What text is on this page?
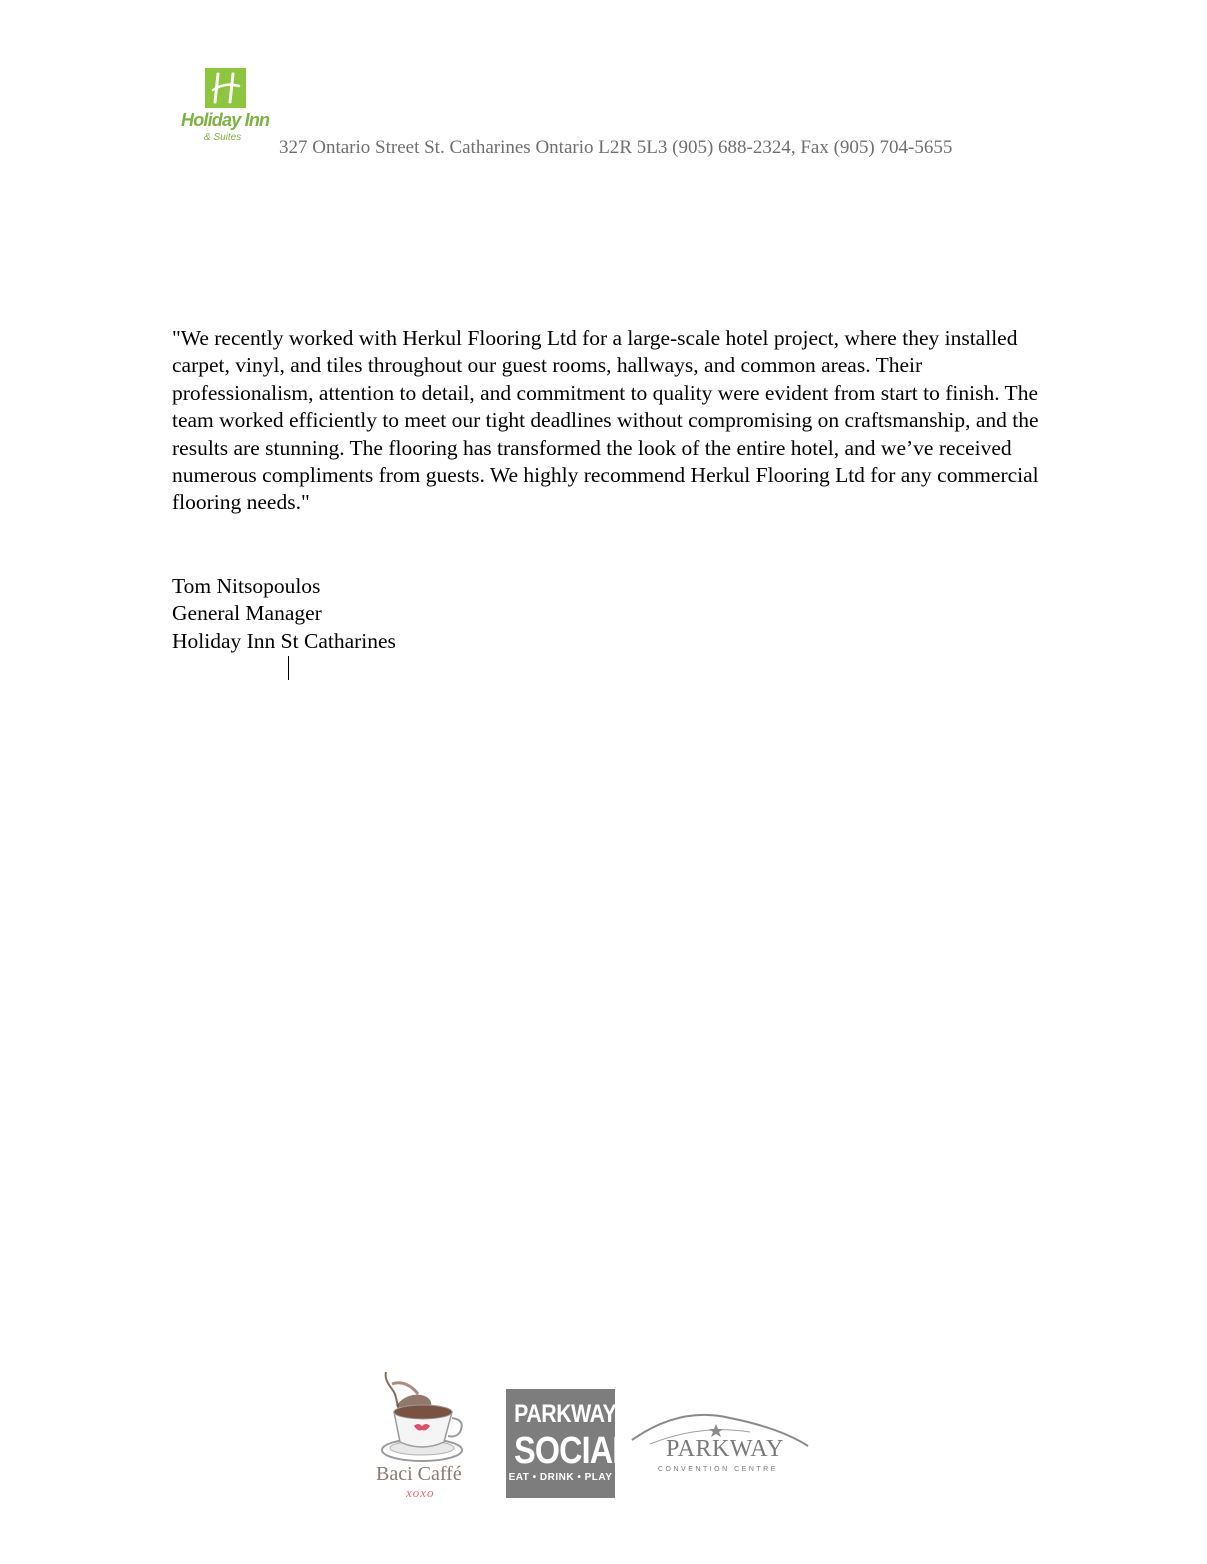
Holiday Inn
& Suites 327 Ontario Street St. Catharines Ontario L2R 5L3 (905) 688-2324, Fax (905) 704-5655

"We recently worked with Herkul Flooring Ltd for a large-scale hotel project, where they installed carpet, vinyl, and tiles throughout our guest rooms, hallways, and common areas. Their professionalism, attention to detail, and commitment to quality were evident from start to finish. The team worked efficiently to meet our tight deadlines without compromising on craftsmanship, and the results are stunning. The flooring has transformed the look of the entire hotel, and we’ve received numerous compliments from guests. We highly recommend Herkul Flooring Ltd for any commercial flooring needs."

Tom Nitsopoulos
General Manager
Holiday Inn St Catharines
Baci Caffé
xoxo
PARKWAY
SOCIAL
EAT • DRINK • PLAY
PARKWAY
CONVENTION CENTRE
